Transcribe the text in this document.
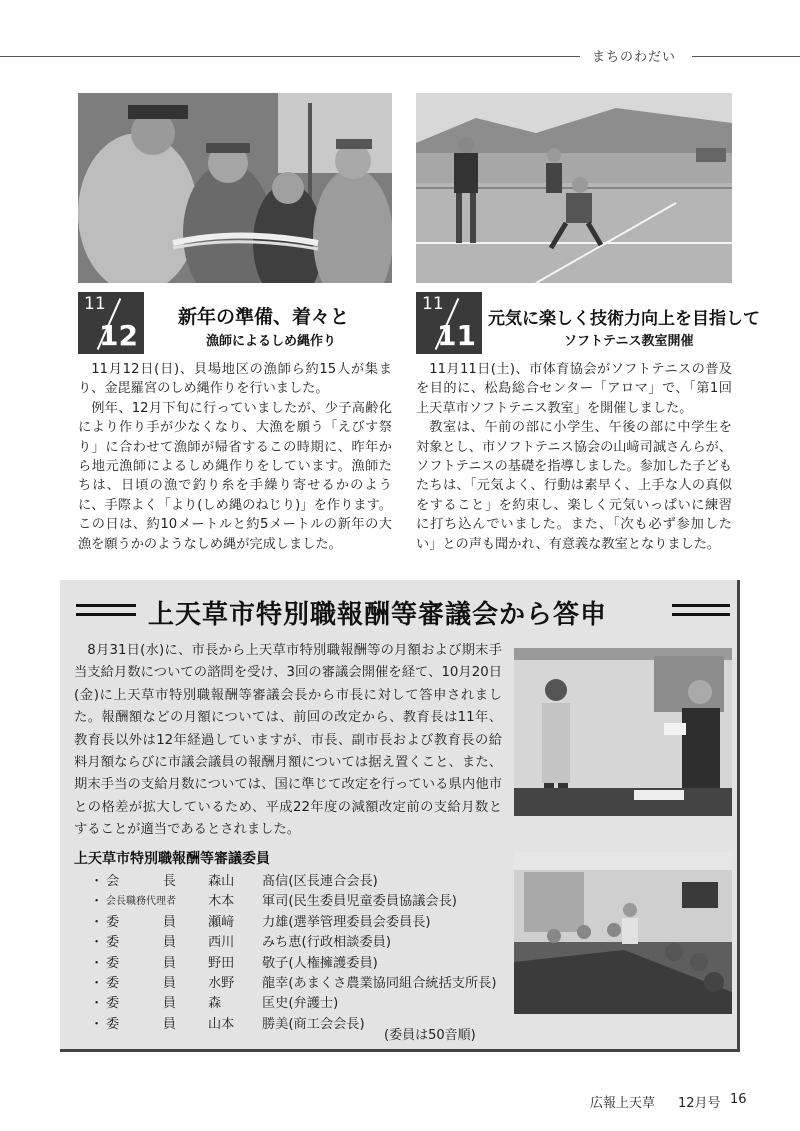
まちのわだい
11
12
新年の準備、着々と
漁師によるしめ縄作り

11月12日(日)、貝場地区の漁師ら約15人が集まり、金毘羅宮のしめ縄作りを行いました。

例年、12月下旬に行っていましたが、少子高齢化により作り手が少なくなり、大漁を願う「えびす祭り」に合わせて漁師が帰省するこの時期に、昨年から地元漁師によるしめ縄作りをしています。漁師たちは、日頃の漁で釣り糸を手繰り寄せるかのように、手際よく「より(しめ縄のねじり)」を作ります。この日は、約10メートルと約5メートルの新年の大漁を願うかのようなしめ縄が完成しました。

11
11 元気に楽しく技術力向上を目指して
ソフトテニス教室開催

11月11日(土)、市体育協会がソフトテニスの普及を目的に、松島総合センター「アロマ」で、「第1回上天草市ソフトテニス教室」を開催しました。

教室は、午前の部に小学生、午後の部に中学生を対象とし、市ソフトテニス協会の山﨑司誠さんらが、ソフトテニスの基礎を指導しました。参加した子どもたちは、「元気よく、行動は素早く、上手な人の真似をすること」を約束し、楽しく元気いっぱいに練習に打ち込んでいました。また、「次も必ず参加したい」との声も聞かれ、有意義な教室となりました。

上天草市特別職報酬等審議会から答申

8月31日(水)に、市長から上天草市特別職報酬等の月額および期末手当支給月数についての諮問を受け、3回の審議会開催を経て、10月20日(金)に上天草市特別職報酬等審議会長から市長に対して答申されました。報酬額などの月額については、前回の改定から、教育長は11年、教育長以外は12年経過していますが、市長、副市長および教育長の給料月額ならびに市議会議員の報酬月額については据え置くこと、また、期末手当の支給月数については、国に準じて改定を行っている県内他市との格差が拡大しているため、平成22年度の減額改定前の支給月数とすることが適当であるとされました。

上天草市特別職報酬等審議委員
・ 会長 森山 髙信(区長連合会長)
・ 会長職務代理者 木本 軍司(民生委員児童委員協議会長)
・ 委員 瀬﨑 力雄(選挙管理委員会委員長)
・ 委員 西川 みち恵(行政相談委員)
・ 委員 野田 敬子(人権擁護委員)
・ 委員 水野 龍幸(あまくさ農業協同組合統括支所長)
・ 委員 森	匡史(弁護士)
・ 委員 山本 勝美(商工会会長)
(委員は50音順)
広報上天草 12月号 16
